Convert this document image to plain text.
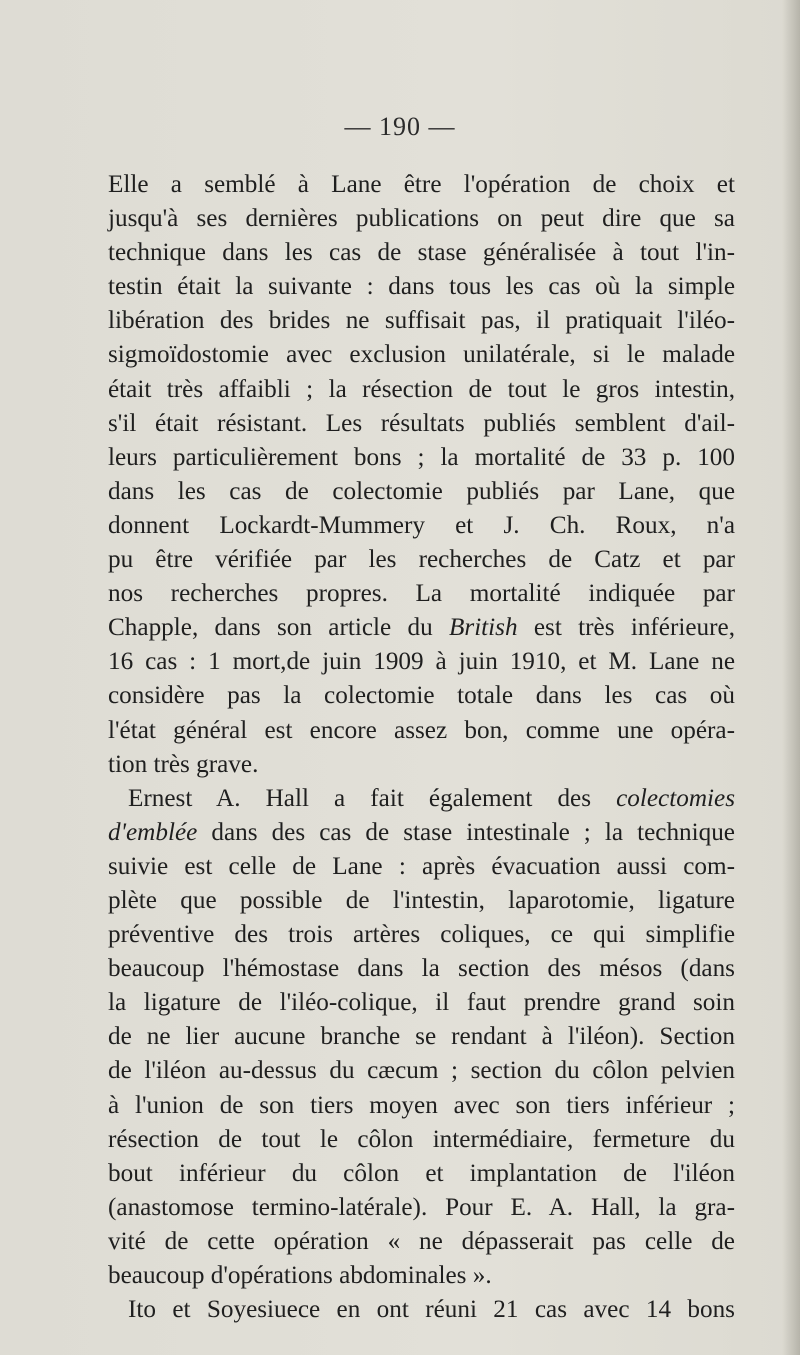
— 190 —
Elle a semblé à Lane être l'opération de choix et
jusqu'à ses dernières publications on peut dire que sa
technique dans les cas de stase généralisée à tout l'in-
testin était la suivante : dans tous les cas où la simple
libération des brides ne suffisait pas, il pratiquait l'iléo-
sigmoïdostomie avec exclusion unilatérale, si le malade
était très affaibli ; la résection de tout le gros intestin,
s'il était résistant. Les résultats publiés semblent d'ail-
leurs particulièrement bons ; la mortalité de 33 p. 100
dans les cas de colectomie publiés par Lane, que
donnent Lockardt-Mummery et J. Ch. Roux, n'a
pu être vérifiée par les recherches de Catz et par
nos recherches propres. La mortalité indiquée par
Chapple, dans son article du British est très inférieure,
16 cas : 1 mort,de juin 1909 à juin 1910, et M. Lane ne
considère pas la colectomie totale dans les cas où
l'état général est encore assez bon, comme une opéra-
tion très grave.
Ernest A. Hall a fait également des colectomies
d'emblée dans des cas de stase intestinale ; la technique
suivie est celle de Lane : après évacuation aussi com-
plète que possible de l'intestin, laparotomie, ligature
préventive des trois artères coliques, ce qui simplifie
beaucoup l'hémostase dans la section des mésos (dans
la ligature de l'iléo-colique, il faut prendre grand soin
de ne lier aucune branche se rendant à l'iléon). Section
de l'iléon au-dessus du cæcum ; section du côlon pelvien
à l'union de son tiers moyen avec son tiers inférieur ;
résection de tout le côlon intermédiaire, fermeture du
bout inférieur du côlon et implantation de l'iléon
(anastomose termino-latérale). Pour E. A. Hall, la gra-
vité de cette opération « ne dépasserait pas celle de
beaucoup d'opérations abdominales ».
Ito et Soyesiuece en ont réuni 21 cas avec 14 bons
